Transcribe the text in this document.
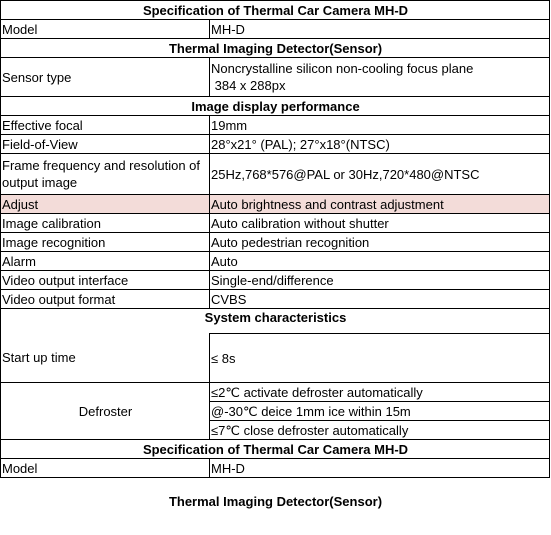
Specification of Thermal Car Camera MH-D	
Model	MH-D
Thermal Imaging Detector(Sensor)	
Sensor type	Noncrystalline silicon non-cooling focus plane
384 x 288px

Image display performance	
Effective focal	19mm
Field-of-View	28°x21° (PAL); 27°x18°(NTSC)
Frame frequency and resolution of output image	25Hz,768*576@PAL or 30Hz,720*480@NTSC
Adjust	Auto brightness and contrast adjustment
Image calibration	Auto calibration without shutter
Image recognition	Auto pedestrian recognition
Alarm	Auto
Video output interface	Single-end/difference
Video output format	CVBS
System characteristics	
Start up time	≤ 8s
Defroster	≤2℃ activate defroster automatically
	@-30℃ deice 1mm ice within 15m
	≤7℃ close defroster automatically
Specification of Thermal Car Camera MH-D	
Model	MH-D
Thermal Imaging Detector(Sensor)	
